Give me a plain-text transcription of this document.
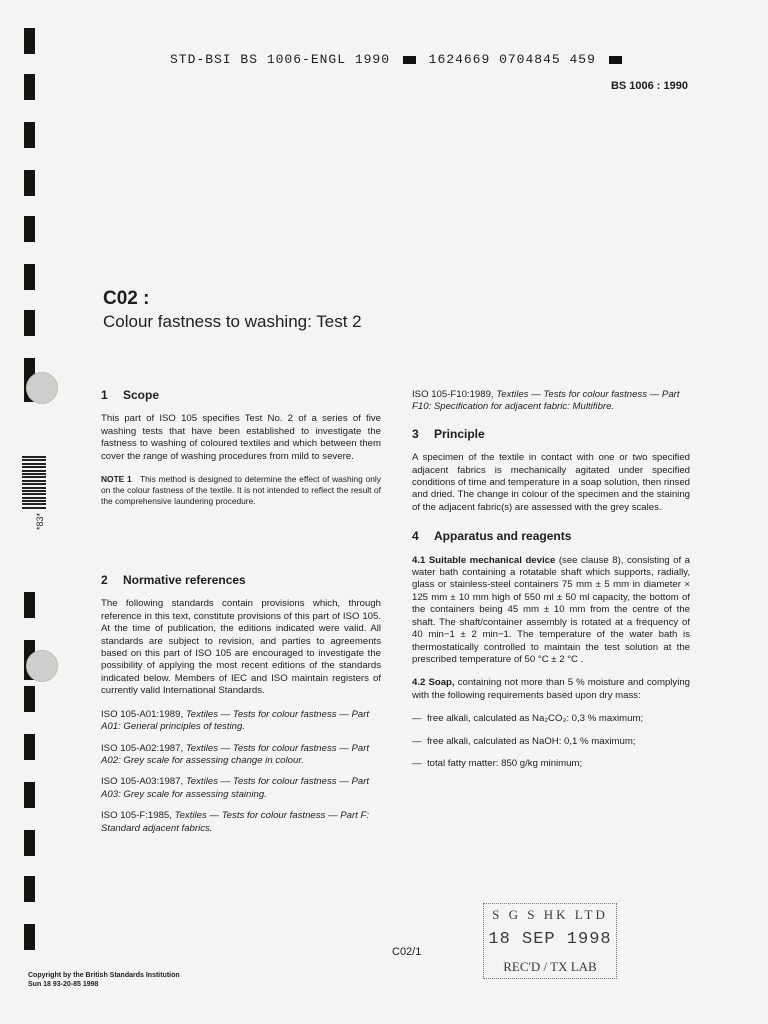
*83*
STD-BSI BS 1006-ENGL 1990	1624669 0704845 459
BS 1006 : 1990
C02 :
Colour fastness to washing: Test 2
1 Scope

This part of ISO 105 specifies Test No. 2 of a series of five washing tests that have been established to investigate the fastness to washing of coloured textiles and which between them cover the range of washing procedures from mild to severe.

NOTE 1 This method is designed to determine the effect of washing only on the colour fastness of the textile. It is not intended to reflect the result of the comprehensive laundering procedure.

2 Normative references

The following standards contain provisions which, through reference in this text, constitute provisions of this part of ISO 105. At the time of publication, the editions indicated were valid. All standards are subject to revision, and parties to agreements based on this part of ISO 105 are encouraged to investigate the possibility of applying the most recent editions of the standards indicated below. Members of IEC and ISO maintain registers of currently valid International Standards.

ISO 105-A01:1989, Textiles — Tests for colour fastness — Part A01: General principles of testing.

ISO 105-A02:1987, Textiles — Tests for colour fastness — Part A02: Grey scale for assessing change in colour.

ISO 105-A03:1987, Textiles — Tests for colour fastness — Part A03: Grey scale for assessing staining.

ISO 105-F:1985, Textiles — Tests for colour fastness — Part F: Standard adjacent fabrics.

ISO 105-F10:1989, Textiles — Tests for colour fastness — Part F10: Specification for adjacent fabric: Multifibre.

3 Principle

A specimen of the textile in contact with one or two specified adjacent fabrics is mechanically agitated under specified conditions of time and temperature in a soap solution, then rinsed and dried. The change in colour of the specimen and the staining of the adjacent fabric(s) are assessed with the grey scales.

4 Apparatus and reagents

4.1 Suitable mechanical device (see clause 8), consisting of a water bath containing a rotatable shaft which supports, radially, glass or stainless-steel containers 75 mm ± 5 mm in diameter × 125 mm ± 10 mm high of 550 ml ± 50 ml capacity, the bottom of the containers being 45 mm ± 10 mm from the centre of the shaft. The shaft/container assembly is rotated at a frequency of 40 min−1 ± 2 min−1. The temperature of the water bath is thermostatically controlled to maintain the test solution at the prescribed temperature of 50 °C ± 2 °C .

4.2 Soap, containing not more than 5 % moisture and complying with the following requirements based upon dry mass:

— free alkali, calculated as Na₂CO₃: 0,3 % maximum;
— free alkali, calculated as NaOH: 0,1 % maximum;
— total fatty matter: 850 g/kg minimum;
C02/1
Copyright by the British Standards Institution
Sun 18 93-20-85 1998
S G S HK LTD
18 SEP 1998
REC'D / TX LAB
